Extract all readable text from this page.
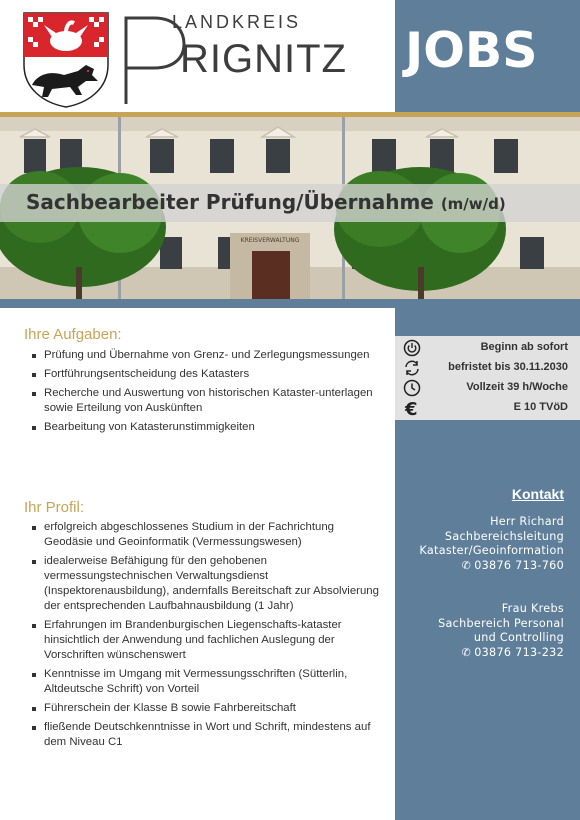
JOBS
LANDKREIS
RIGNITZ
KREISVERWALTUNG
Sachbearbeiter Prüfung/Übernahme (m/w/d)
Ihre Aufgaben:
Prüfung und Übernahme von Grenz- und Zerlegungsmessungen
Fortführungsentscheidung des Katasters
Recherche und Auswertung von historischen Kataster-unterlagen sowie Erteilung von Auskünften
Bearbeitung von Katasterunstimmigkeiten
Ihr Profil:
erfolgreich abgeschlossenes Studium in der Fachrichtung Geodäsie und Geoinformatik (Vermessungswesen)
idealerweise Befähigung für den gehobenen vermessungstechnischen Verwaltungsdienst (Inspektorenausbildung), andernfalls Bereitschaft zur Absolvierung der entsprechenden Laufbahnausbildung (1 Jahr)
Erfahrungen im Brandenburgischen Liegenschafts-kataster hinsichtlich der Anwendung und fachlichen Auslegung der Vorschriften wünschenswert
Kenntnisse im Umgang mit Vermessungsschriften (Sütterlin, Altdeutsche Schrift) von Vorteil
Führerschein der Klasse B sowie Fahrbereitschaft
fließende Deutschkenntnisse in Wort und Schrift, mindestens auf dem Niveau C1
Beginn ab sofort
befristet bis 30.11.2030
Vollzeit 39 h/Woche
€	E 10 TVöD
Kontakt
Herr Richard
Sachbereichsleitung
Kataster/Geoinformation
✆ 03876 713-760
Frau Krebs
Sachbereich Personal
und Controlling
✆ 03876 713-232
